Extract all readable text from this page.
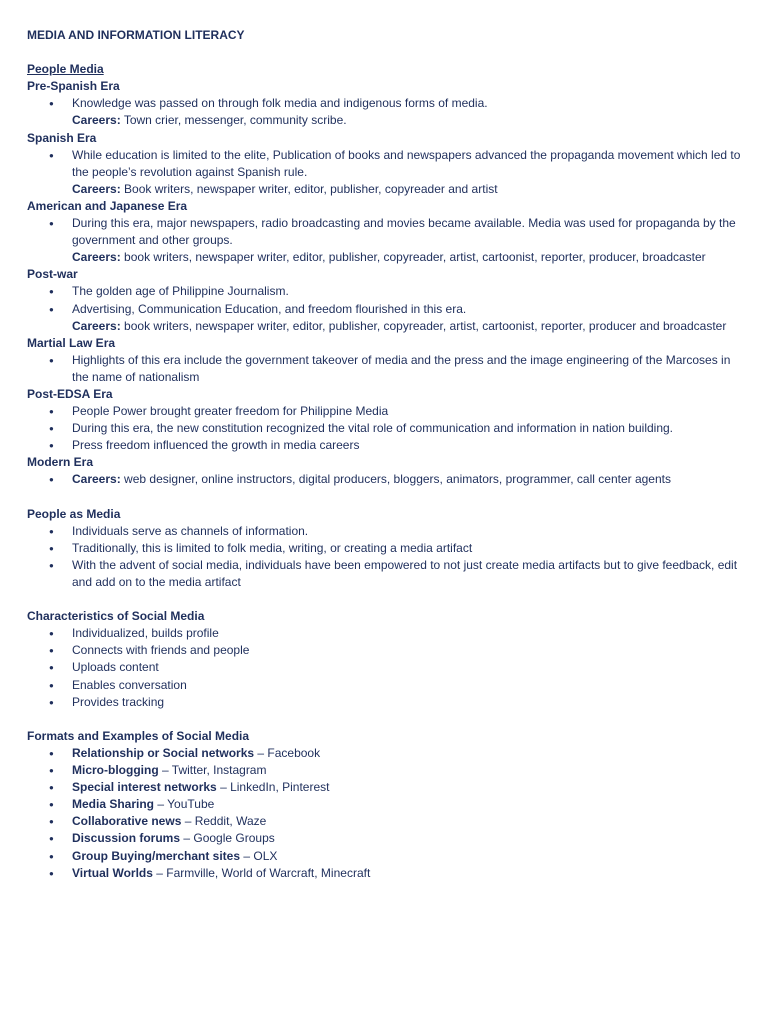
MEDIA AND INFORMATION LITERACY

People Media

Pre-Spanish Era

● Knowledge was passed on through folk media and indigenous forms of media.
Careers: Town crier, messenger, community scribe.

Spanish Era

● While education is limited to the elite, Publication of books and newspapers advanced the propaganda movement which led to the people’s revolution against Spanish rule.
Careers: Book writers, newspaper writer, editor, publisher, copyreader and artist

American and Japanese Era

● During this era, major newspapers, radio broadcasting and movies became available. Media was used for propaganda by the government and other groups.
Careers: book writers, newspaper writer, editor, publisher, copyreader, artist, cartoonist, reporter, producer, broadcaster

Post-war

● The golden age of Philippine Journalism.
● Advertising, Communication Education, and freedom flourished in this era.
Careers: book writers, newspaper writer, editor, publisher, copyreader, artist, cartoonist, reporter, producer and broadcaster

Martial Law Era

● Highlights of this era include the government takeover of media and the press and the image engineering of the Marcoses in the name of nationalism

Post-EDSA Era

● People Power brought greater freedom for Philippine Media
● During this era, the new constitution recognized the vital role of communication and information in nation building.
● Press freedom influenced the growth in media careers

Modern Era

● Careers: web designer, online instructors, digital producers, bloggers, animators, programmer, call center agents

People as Media

● Individuals serve as channels of information.
● Traditionally, this is limited to folk media, writing, or creating a media artifact
● With the advent of social media, individuals have been empowered to not just create media artifacts but to give feedback, edit and add on to the media artifact

Characteristics of Social Media

● Individualized, builds profile
● Connects with friends and people
● Uploads content
● Enables conversation
● Provides tracking

Formats and Examples of Social Media

● Relationship or Social networks – Facebook
● Micro-blogging – Twitter, Instagram
● Special interest networks – LinkedIn, Pinterest
● Media Sharing – YouTube
● Collaborative news – Reddit, Waze
● Discussion forums – Google Groups
● Group Buying/merchant sites – OLX
● Virtual Worlds – Farmville, World of Warcraft, Minecraft
